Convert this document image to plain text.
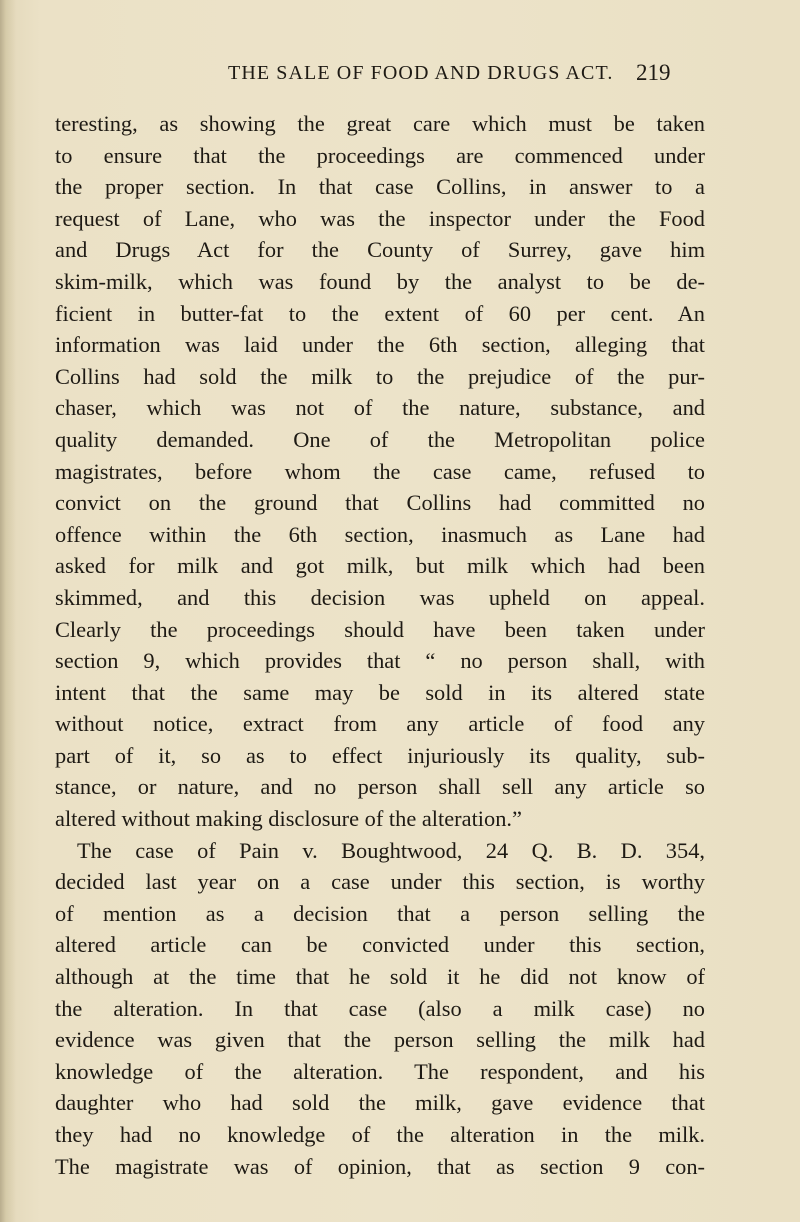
THE SALE OF FOOD AND DRUGS ACT. 219
teresting, as showing the great care which must be taken
to ensure that the proceedings are commenced under
the proper section. In that case Collins, in answer to a
request of Lane, who was the inspector under the Food
and Drugs Act for the County of Surrey, gave him
skim-milk, which was found by the analyst to be de-
ficient in butter-fat to the extent of 60 per cent. An
information was laid under the 6th section, alleging that
Collins had sold the milk to the prejudice of the pur-
chaser, which was not of the nature, substance, and
quality demanded. One of the Metropolitan police
magistrates, before whom the case came, refused to
convict on the ground that Collins had committed no
offence within the 6th section, inasmuch as Lane had
asked for milk and got milk, but milk which had been
skimmed, and this decision was upheld on appeal.
Clearly the proceedings should have been taken under
section 9, which provides that “ no person shall, with
intent that the same may be sold in its altered state
without notice, extract from any article of food any
part of it, so as to effect injuriously its quality, sub-
stance, or nature, and no person shall sell any article so
altered without making disclosure of the alteration.”
The case of Pain v. Boughtwood, 24 Q. B. D. 354,
decided last year on a case under this section, is worthy
of mention as a decision that a person selling the
altered article can be convicted under this section,
although at the time that he sold it he did not know of
the alteration. In that case (also a milk case) no
evidence was given that the person selling the milk had
knowledge of the alteration. The respondent, and his
daughter who had sold the milk, gave evidence that
they had no knowledge of the alteration in the milk.
The magistrate was of opinion, that as section 9 con-
